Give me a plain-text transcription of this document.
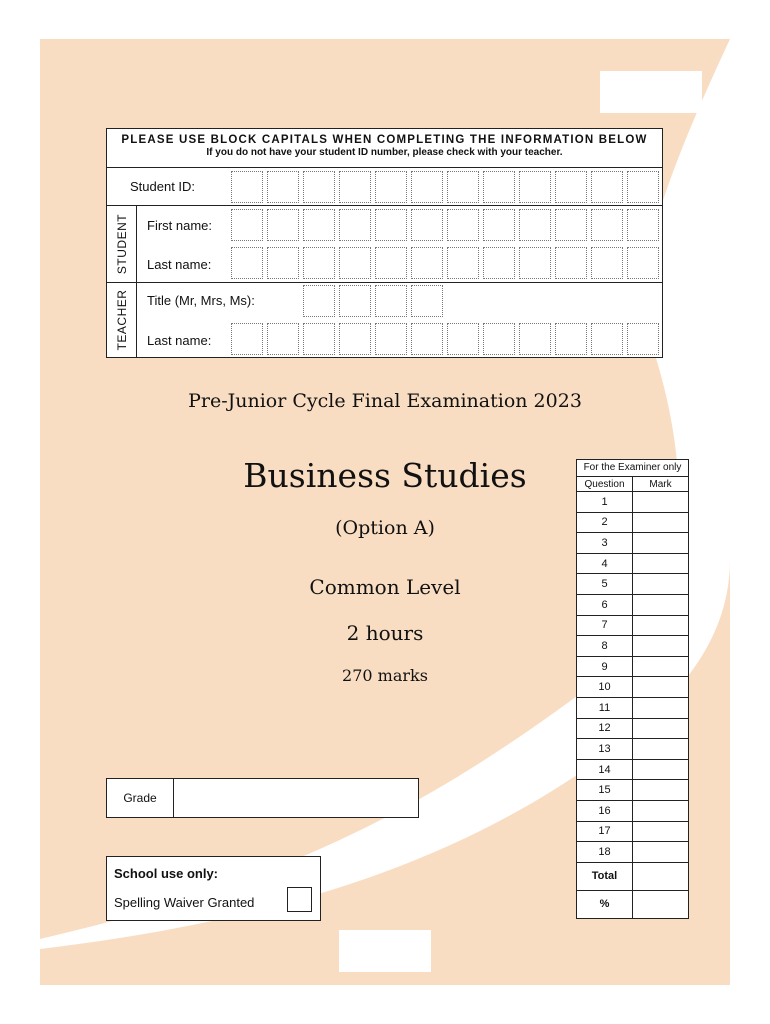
PLEASE USE BLOCK CAPITALS WHEN COMPLETING THE INFORMATION BELOW
If you do not have your student ID number, please check with your teacher.
Student ID:
STUDENT First name:
Last name:
TEACHER Title (Mr, Mrs, Ms):
Last name:
Pre-Junior Cycle Final Examination 2023
Business Studies
(Option A)
Common Level
2 hours
270 marks
Grade
School use only:
Spelling Waiver Granted
For the Examiner only
Question	Mark
1	
2	
3	
4	
5	
6	
7	
8	
9	
10	
11	
12	
13	
14	
15	
16	
17	
18	
Total	
%	
